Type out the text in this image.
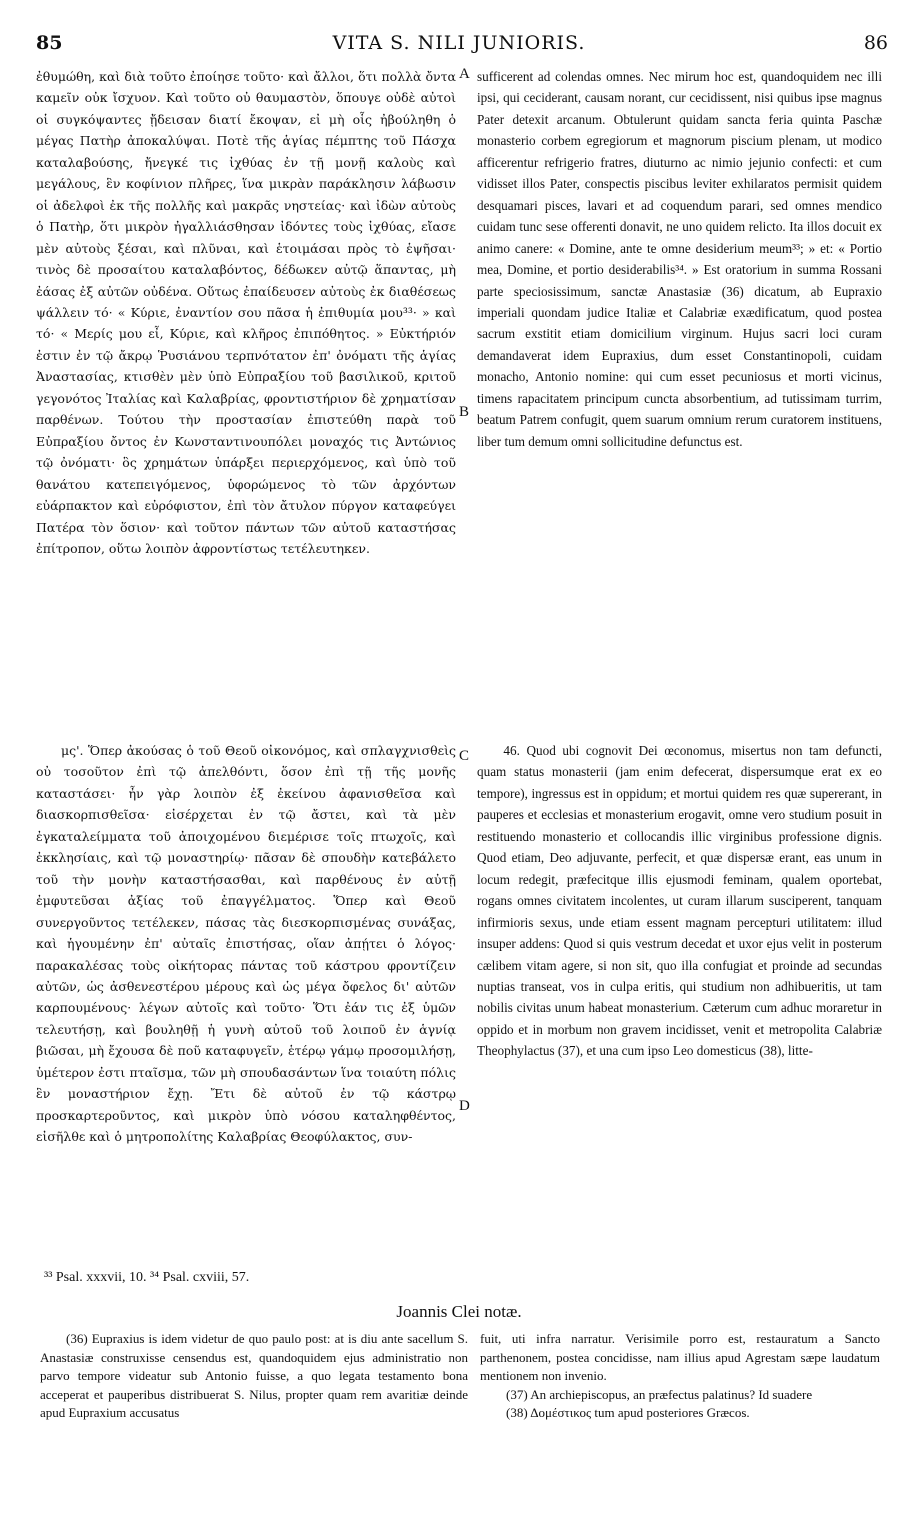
85	VITA S. NILI JUNIORIS.	86

ἐθυμώθη, καὶ διὰ τοῦτο ἐποίησε τοῦτο· καὶ ἄλλοι, ὅτι πολλὰ ὄντα καμεῖν οὐκ ἴσχυον. Καὶ τοῦτο οὐ θαυμαστὸν, ὅπουγε οὐδὲ αὐτοὶ οἱ συγκόψαντες ᾔδεισαν διατί ἔκοψαν, εἰ μὴ οἷς ἠβούληθη ὁ μέγας Πατὴρ ἀποκαλύψαι. Ποτὲ τῆς ἁγίας πέμπτης τοῦ Πάσχα καταλαβούσης, ἤνεγκέ τις ἰχθύας ἐν τῇ μονῇ καλοὺς καὶ μεγάλους, ἓν κοφίνιον πλῆρες, ἵνα μικρὰν παράκλησιν λάβωσιν οἱ ἀδελφοὶ ἐκ τῆς πολλῆς καὶ μακρᾶς νηστείας· καὶ ἰδὼν αὐτοὺς ὁ Πατὴρ, ὅτι μικρὸν ἠγαλλιάσθησαν ἰδόντες τοὺς ἰχθύας, εἴασε μὲν αὐτοὺς ξέσαι, καὶ πλῦναι, καὶ ἑτοιμάσαι πρὸς τὸ ἑψῆσαι· τινὸς δὲ προσαίτου καταλαβόντος, δέδωκεν αὐτῷ ἅπαντας, μὴ ἐάσας ἐξ αὐτῶν οὐδένα. Οὕτως ἐπαίδευσεν αὐτοὺς ἐκ διαθέσεως ψάλλειν τό· « Κύριε, ἐναντίον σου πᾶσα ἡ ἐπιθυμία μου³³· » καὶ τό· « Μερίς μου εἶ, Κύριε, καὶ κλῆρος ἐπιπόθητος. » Εὐκτήριόν ἐστιν ἐν τῷ ἄκρῳ Ῥυσιάνου τερπνότατον ἐπ' ὀνόματι τῆς ἁγίας Ἀναστασίας, κτισθὲν μὲν ὑπὸ Εὐπραξίου τοῦ βασιλικοῦ, κριτοῦ γεγονότος Ἰταλίας καὶ Καλαβρίας, φροντιστήριον δὲ χρηματίσαν παρθένων. Τούτου τὴν προστασίαν ἐπιστεύθη παρὰ τοῦ Εὐπραξίου ὄντος ἐν Κωνσταντινουπόλει μοναχός τις Ἀντώνιος τῷ ὀνόματι· ὃς χρημάτων ὑπάρξει περιερχόμενος, καὶ ὑπὸ τοῦ θανάτου κατεπειγόμενος, ὑφορώμενος τὸ τῶν ἀρχόντων εὐάρπακτον καὶ εὐρόφιστον, ἐπὶ τὸν ἄτυλον πύργον καταφεύγει Πατέρα τὸν ὅσιον· καὶ τοῦτον πάντων τῶν αὐτοῦ καταστήσας ἐπίτροπον, οὕτω λοιπὸν ἀφροντίστως τετέλευτηκεν.

sufficerent ad colendas omnes. Nec mirum hoc est, quandoquidem nec illi ipsi, qui ceciderant, causam norant, cur cecidissent, nisi quibus ipse magnus Pater detexit arcanum. Obtulerunt quidam sancta feria quinta Paschæ monasterio corbem egregiorum et magnorum piscium plenam, ut modico afficerentur refrigerio fratres, diuturno ac nimio jejunio confecti: et cum vidisset illos Pater, conspectis piscibus leviter exhilaratos permisit quidem desquamari pisces, lavari et ad coquendum parari, sed omnes mendico cuidam tunc sese offerenti donavit, ne uno quidem relicto. Ita illos docuit ex animo canere: « Domine, ante te omne desiderium meum³³; » et: « Portio mea, Domine, et portio desiderabilis³⁴. » Est oratorium in summa Rossani parte speciosissimum, sanctæ Anastasiæ (36) dicatum, ab Eupraxio imperiali quondam judice Italiæ et Calabriæ exædificatum, quod postea sacrum exstitit etiam domicilium virginum. Hujus sacri loci curam demandaverat idem Eupraxius, dum esset Constantinopoli, cuidam monacho, Antonio nomine: qui cum esset pecuniosus et morti vicinus, timens rapacitatem principum cuncta absorbentium, ad tutissimam turrim, beatum Patrem confugit, quem suarum omnium rerum curatorem instituens, liber tum demum omni sollicitudine defunctus est.

A
B
C
D

μς'. Ὅπερ ἀκούσας ὁ τοῦ Θεοῦ οἰκονόμος, καὶ σπλαγχνισθεὶς οὐ τοσοῦτον ἐπὶ τῷ ἀπελθόντι, ὅσον ἐπὶ τῇ τῆς μονῆς καταστάσει· ἦν γὰρ λοιπὸν ἐξ ἐκείνου ἀφανισθεῖσα καὶ διασκορπισθεῖσα· εἰσέρχεται ἐν τῷ ἄστει, καὶ τὰ μὲν ἐγκαταλείμματα τοῦ ἀποιχομένου διεμέρισε τοῖς πτωχοῖς, καὶ ἐκκλησίαις, καὶ τῷ μοναστηρίῳ· πᾶσαν δὲ σπουδὴν κατεβάλετο τοῦ τὴν μονὴν καταστήσασθαι, καὶ παρθένους ἐν αὐτῇ ἐμφυτεῦσαι ἀξίας τοῦ ἐπαγγέλματος. Ὅπερ καὶ Θεοῦ συνεργοῦντος τετέλεκεν, πάσας τὰς διεσκορπισμένας συνάξας, καὶ ἡγουμένην ἐπ' αὐταῖς ἐπιστήσας, οἵαν ἀπῄτει ὁ λόγος· παρακαλέσας τοὺς οἰκήτορας πάντας τοῦ κάστρου φροντίζειν αὐτῶν, ὡς ἀσθενεστέρου μέρους καὶ ὡς μέγα ὄφελος δι' αὐτῶν καρπουμένους· λέγων αὐτοῖς καὶ τοῦτο· Ὅτι ἐάν τις ἐξ ὑμῶν τελευτήσῃ, καὶ βουληθῇ ἡ γυνὴ αὐτοῦ τοῦ λοιποῦ ἐν ἁγνίᾳ βιῶσαι, μὴ ἔχουσα δὲ ποῦ καταφυγεῖν, ἑτέρῳ γάμῳ προσομιλήσῃ, ὑμέτερον ἐστι πταῖσμα, τῶν μὴ σπουδασάντων ἵνα τοιαύτη πόλις ἓν μοναστήριον ἔχῃ. Ἔτι δὲ αὐτοῦ ἐν τῷ κάστρῳ προσκαρτεροῦντος, καὶ μικρὸν ὑπὸ νόσου καταληφθέντος, εἰσῆλθε καὶ ὁ μητροπολίτης Καλαβρίας Θεοφύλακτος, συν-

46. Quod ubi cognovit Dei œconomus, misertus non tam defuncti, quam status monasterii (jam enim defecerat, dispersumque erat ex eo tempore), ingressus est in oppidum; et mortui quidem res quæ supererant, in pauperes et ecclesias et monasterium erogavit, omne vero studium posuit in restituendo monasterio et collocandis illic virginibus professione dignis. Quod etiam, Deo adjuvante, perfecit, et quæ dispersæ erant, eas unum in locum redegit, præfecitque illis ejusmodi feminam, qualem oportebat, rogans omnes civitatem incolentes, ut curam illarum susciperent, tanquam infirmioris sexus, unde etiam essent magnam percepturi utilitatem: illud insuper addens: Quod si quis vestrum decedat et uxor ejus velit in posterum cælibem vitam agere, si non sit, quo illa confugiat et proinde ad secundas nuptias transeat, vos in culpa eritis, qui studium non adhibueritis, ut tam nobilis civitas unum habeat monasterium. Cæterum cum adhuc moraretur in oppido et in morbum non gravem incidisset, venit et metropolita Calabriæ Theophylactus (37), et una cum ipso Leo domesticus (38), litte-

³³ Psal. xxxvii, 10. ³⁴ Psal. cxviii, 57.
Joannis Clei notæ.

(36) Eupraxius is idem videtur de quo paulo post: at is diu ante sacellum S. Anastasiæ construxisse censendus est, quandoquidem ejus administratio non parvo tempore videatur sub Antonio fuisse, a quo legata testamento bona acceperat et pauperibus distribuerat S. Nilus, propter quam rem avaritiæ deinde apud Eupraxium accusatus

fuit, uti infra narratur. Verisimile porro est, restauratum a Sancto parthenonem, postea concidisse, nam illius apud Agrestam sæpe laudatum mentionem non invenio.

(37) An archiepiscopus, an præfectus palatinus? Id suadere

(38) Δομέστικος tum apud posteriores Græcos.
